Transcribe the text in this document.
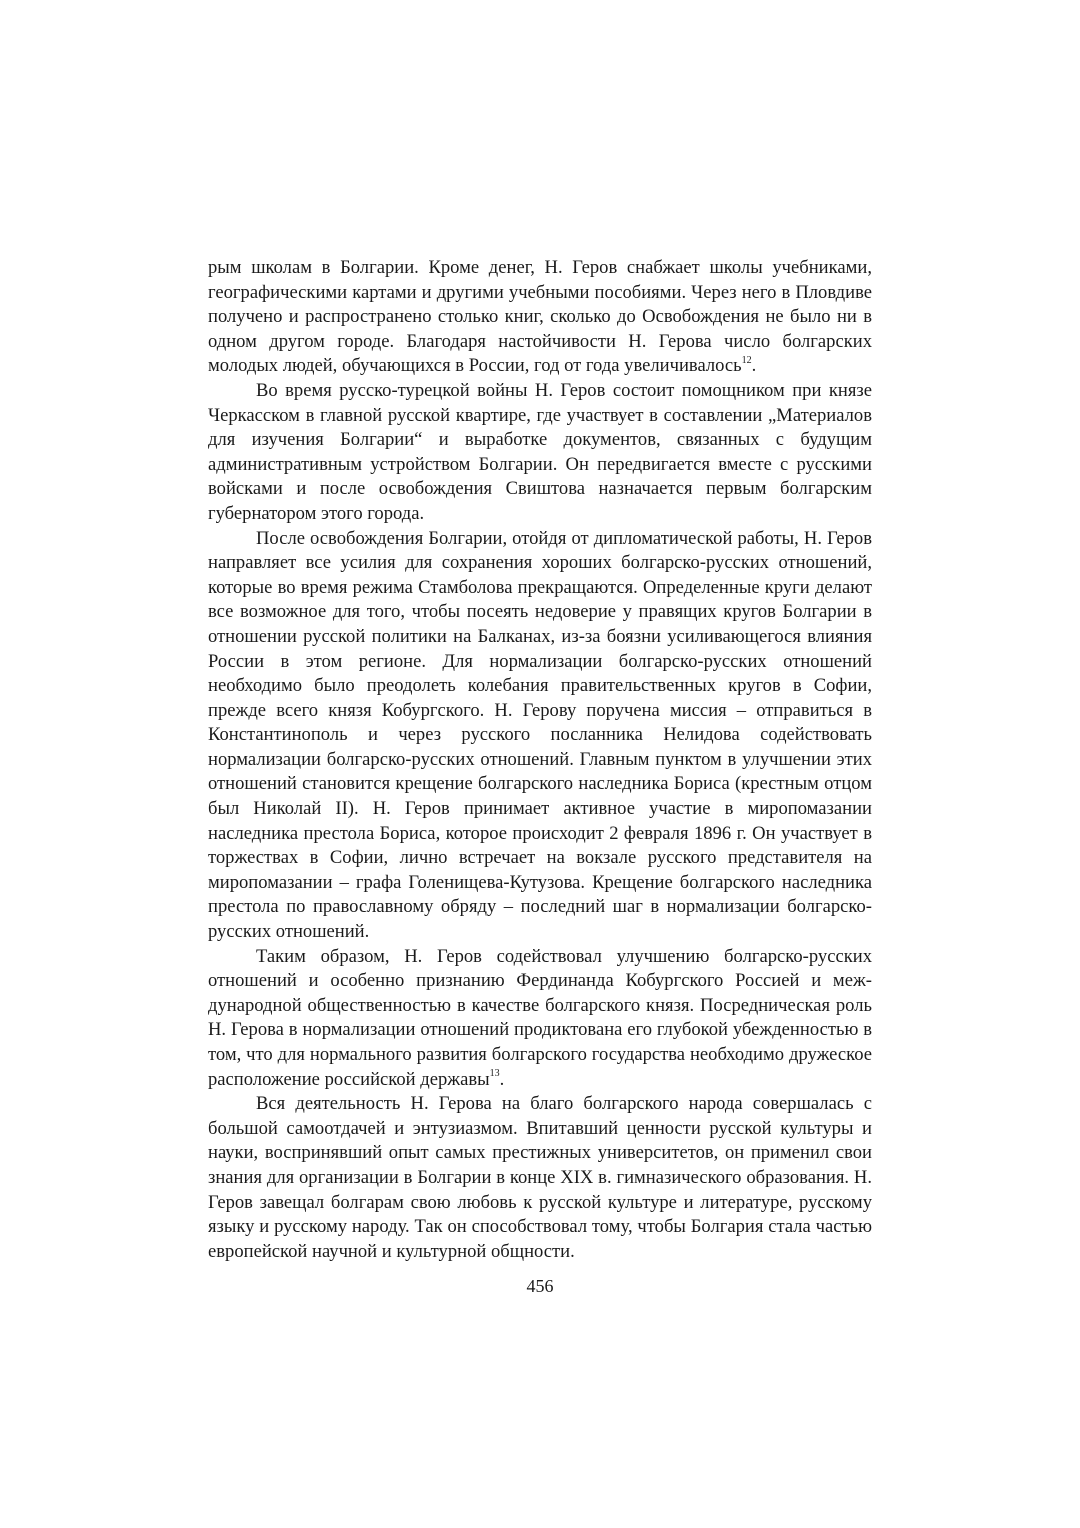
рым школам в Болгарии. Кроме денег, Н. Геров снабжает школы учебниками, географическими картами и другими учебными пособиями. Через него в Пловдиве получено и распространено столько книг, сколько до Освобождения не было ни в одном другом городе. Благодаря настойчивости Н. Герова число болгарских молодых людей, обучающихся в России, год от года увеличивалось$^{12}$.

Во время русско-турецкой войны Н. Геров состоит помощником при князе Черкасском в главной русской квартире, где участвует в составлении „Материалов для изучения Болгарии“ и выработке документов, связанных с будущим административным устройством Болгарии. Он передвигается вместе с русскими войсками и после освобождения Свиштова назначается первым болгарским губернатором этого города.

После освобождения Болгарии, отойдя от дипломатической работы, Н. Геров направляет все усилия для сохранения хороших болгарско-русских отношений, которые во время режима Стамболова прекращаются. Определенные круги делают все возможное для того, чтобы посеять недоверие у правящих кругов Болгарии в отношении русской политики на Балканах, из-за боязни усиливающегося влияния России в этом регионе. Для нормализации болгарско-русских отношений необходимо было преодолеть колебания правительственных кругов в Софии, прежде всего князя Кобургского. Н. Герову поручена миссия – отправиться в Константинополь и через русского посланника Нелидова содействовать нормализации болгарско-русских отношений. Главным пунктом в улучшении этих отношений становится крещение болгарского наследника Бориса (крестным отцом был Николай II). Н. Геров принимает активное участие в миропомазании наследника престола Бориса, которое происходит 2 февраля 1896 г. Он участвует в торжествах в Софии, лично встречает на вокзале русского представителя на миропомазании – графа Голенищева-Кутузова. Крещение болгарского наследника престола по православному обряду – последний шаг в нормализации болгарско-русских отношений.

Таким образом, Н. Геров содействовал улучшению болгарско-русских отношений и особенно признанию Фердинанда Кобургского Россией и международной общественностью в качестве болгарского князя. Посредническая роль Н. Герова в нормализации отношений продиктована его глубокой убежденностью в том, что для нормального развития болгарского государства необходимо дружеское расположение российской державы$^{13}$.

Вся деятельность Н. Герова на благо болгарского народа совершалась с большой самоотдачей и энтузиазмом. Впитавший ценности русской культуры и науки, воспринявший опыт самых престижных университетов, он применил свои знания для организации в Болгарии в конце XIX в. гимназического образования. Н. Геров завещал болгарам свою любовь к русской культуре и литературе, русскому языку и русскому народу. Так он способствовал тому, чтобы Болгария стала частью европейской научной и культурной общности.

456
